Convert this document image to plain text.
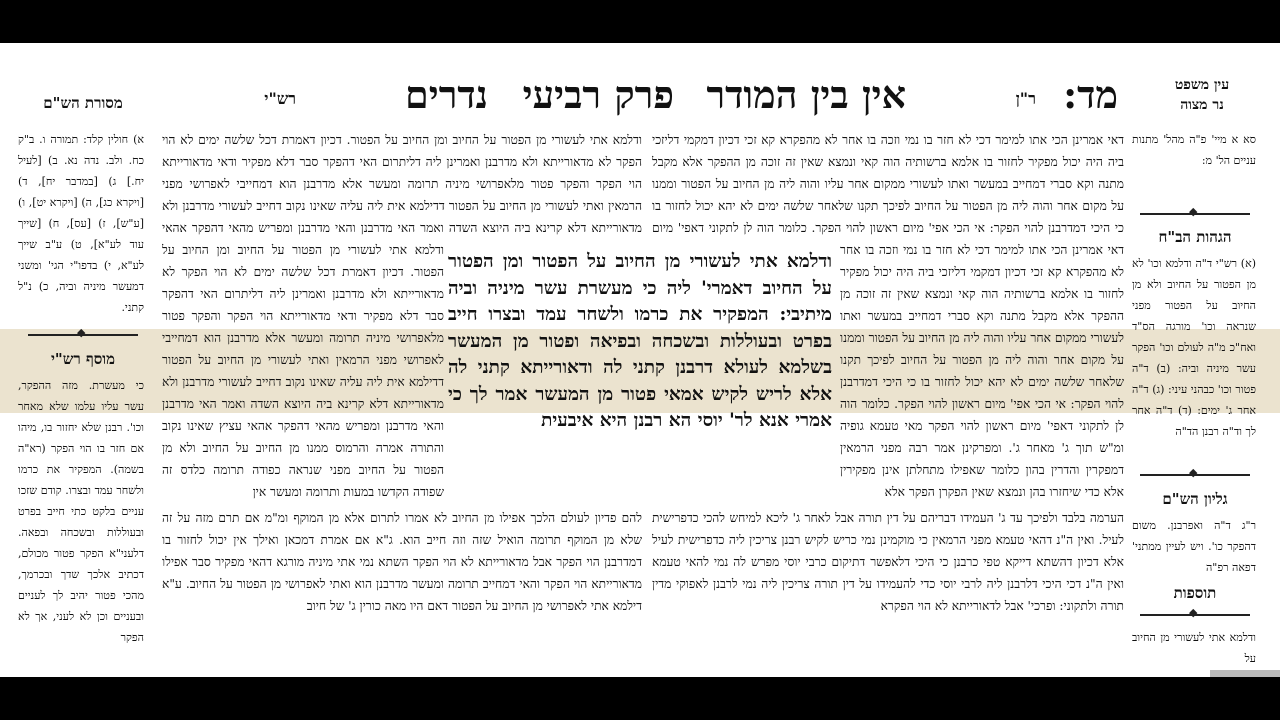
מד:
ר"ן
אין בין המודר
פרק רביעי
נדרים
רש"י
עין משפט
נר מצוה
מסורת הש"ם

דאי אמרינן הכי אתו למימר דכי לא חזר בו נמי וזכה בו אחר לא מהפקרא קא זכי דכיון דמקמי דליזכי ביה היה יכול מפקיר לחזור בו אלמא ברשותיה הוה קאי ונמצא שאין זה זוכה מן ההפקר אלא מקבל מתנה וקא סברי דמחייב במעשר ואתו לעשורי ממקום אחר עליו והוה ליה מן החיוב על הפטור וממנו על מקום אחר והוה ליה מן הפטור על החיוב לפיכך תקנו שלאחר שלשה ימים לא יהא יכול לחזור בו כי היכי דמדרבנן להוי הפקר: אי הכי אפי' מיום ראשון להוי הפקר. כלומר הוה לן לתקוני דאפי' מיום

דאי אמרינן הכי אתו למימר דכי לא חזר בו נמי וזכה בו אחר לא מהפקרא קא זכי דכיון דמקמי דליזכי ביה היה יכול מפקיר לחזור בו אלמא ברשותיה הוה קאי ונמצא שאין זה זוכה מן ההפקר אלא מקבל מתנה וקא סברי דמחייב במעשר ואתו לעשורי ממקום אחר עליו והוה ליה מן החיוב על הפטור וממנו על מקום אחר והוה ליה מן הפטור על החיוב לפיכך תקנו שלאחר שלשה ימים לא יהא יכול לחזור בו כי היכי דמדרבנן להוי הפקר: אי הכי אפי' מיום ראשון להוי הפקר. כלומר הוה לן לתקוני דאפי' מיום ראשון להוי הפקר מאי טעמא גופיה ומ"ש תוך ג' מאחר ג'. ומפרקינן אמר רבה מפני הרמאין דמפקרין והדרין בהון כלומר שאפילו מתחלתן אינן מפקירין אלא כדי שיחזרו בהן ונמצא שאין הפקרן הפקר אלא

ודלמא אתי לעשורי מן הפטור על החיוב ומן החיוב על הפטור. דכיון דאמרת דכל שלשה ימים לא הוי הפקר לא מדאורייתא ולא מדרבנן ואמרינן ליה דליתרום האי דהפקר סבר דלא מפקיר ודאי מדאורייתא הוי הפקר והפקר פטור מלאפרושי מיניה תרומה ומעשר אלא מדרבנן הוא דמחייבי לאפרושי מפני הרמאין ואתי לעשורי מן החיוב על הפטור דדילמא אית ליה עליה שאינו נקוב דחייב לעשורי מדרבנן ולא מדאורייתא דלא קרינא ביה היוצא השדה ואמר האי מדרבנן והאי מדרבנן ומפריש מהאי דהפקר אהאי

ודלמא אתי לעשורי מן הפטור על החיוב ומן החיוב על הפטור. דכיון דאמרת דכל שלשה ימים לא הוי הפקר לא מדאורייתא ולא מדרבנן ואמרינן ליה דליתרום האי דהפקר סבר דלא מפקיר ודאי מדאורייתא הוי הפקר והפקר פטור מלאפרושי מיניה תרומה ומעשר אלא מדרבנן הוא דמחייבי לאפרושי מפני הרמאין ואתי לעשורי מן החיוב על הפטור דדילמא אית ליה עליה שאינו נקוב דחייב לעשורי מדרבנן ולא מדאורייתא דלא קרינא ביה היוצא השדה ואמר האי מדרבנן והאי מדרבנן ומפריש מהאי דהפקר אהאי עציץ שאינו נקוב והתורה אמרה והרמוס ממנו מן החיוב על החיוב ולא מן הפטור על החיוב מפני שנראה כפודה תרומה כלדס זה שפודה הקדשו במעות ותרומה ומעשר אין

ודלמא אתי לעשורי מן החיוב על הפטור ומן הפטור על החיוב דאמרי' ליה כי מעשרת עשר מיניה וביה מיתיבי: המפקיר את כרמו ולשחר עמד ובצרו חייב בפרט ובעוללות ובשכחה ובפיאה ופטור מן המעשר בשלמא לעולא דרבנן קתני לה ודאורייתא קתני לה אלא לריש לקיש אמאי פטור מן המעשר אמר לך כי אמרי אנא לר' יוסי הא רבנן היא איבעית

הערמה בלבד ולפיכך עד ג' העמידו דבריהם על דין תורה אבל לאחר ג' ליכא למיחש להכי כדפרישית לעיל. ואין ה"נ דהאי טעמא מפני הרמאין כי מוקמינן נמי כריש לקיש רבנן צריכין ליה כדפרישית לעיל אלא דכיון דהשתא דייקא טפי כרבנן כי היכי דלאפשר דתיקום כרבי יוסי מפרש לה נמי להאי טעמא ואין ה"נ דכי היכי דלרבנן ליה לרבי יוסי כדי להעמידו על דין תורה צריכין ליה נמי לרבנן לאפוקי מדין תורה ולתקוני: ופרכי' אבל לדאורייתא לא הוי הפקרא

להם פדיון לעולם הלכך אפילו מן החיוב לא אמרו לתרום אלא מן המוקף ומ"מ אם תרם מזה על זה שלא מן המוקף תרומה הואיל שזה וזה חייב הוא. ג"א אם אמרת דמכאן ואילך אין יכול לחזור בו דמדרבנן הוי הפקר אבל מדאורייתא לא הוי הפקר השתא נמי אתי מיניה מורגא דהאי מפקיר סבר אפילו מדאורייתא הוי הפקר והאי דמחייב תרומה ומעשר מדרבנן הוא ואתי לאפרושי מן הפטור על החיוב. ע"א דילמא אתי לאפרושי מן החיוב על הפטור דאם היו מאה כורין ג' של חיוב

סא א מיי' פ"ה מהל' מתנות עניים הל' מ:

◆
הגהות הב"ח

(א) רש"י ד"ה ודלמא וכו' לא מן הפטור על החיוב ולא מן החיוב על הפטור מפני שנראה וכו' מורגה הס"ד ואח"כ מ"ה לעולם וכו' הפקר עשר מיניה וביה: (ב) ד"ה פטור וכו' כבהני עיני: (ג) ד"ה אחר ג' ימים: (ד) ד"ה אחר לך וד"ה רבנן הד"ה

◆
גליון הש"ם

ר"ג ד"ה ואפרבנן. משום דהפקר כו'. ויש לעיין ממתני' דפאה רפ"ה

תוספות
◆

ודלמא אתי לעשורי מן החיוב על

א) חולין קלד: תמורה ו. ב"ק כח. ולב. נדה נא. ב) [לעיל יח.] ג) [במדבר יח], ד) [ויקרא כג], ה) [ויקרא יט], ו) [ע"ש], ז) [עס], ח) [שייך עוד לע"א], ט) ע"ב שייך לע"א, י) בדפו"י הגי' ומשני דמעשר מיניה וביה, כ) נ"ל קתני.

◆
מוסף רש"י

כי מעשרת. מזה ההפקר, עשר עליו עלמו שלא מאחר וכו'. רבנן שלא יחזור בו, מיהו אם חזר בו הוי הפקר (רא"ה בשמה). המפקיר את כרמו ולשחר עמד ובצרו. קודם שזכו עניים בלקט כתי חייב בפרט ובעוללות ובשכחה ובפאה. דלעני"א הפקר פטור מכולם, דכתיב אלכך שדך ובכרמך, מהכי פטור יהיב לך לעניים ובעניים וכן לא לעני, אך לא הפקר
